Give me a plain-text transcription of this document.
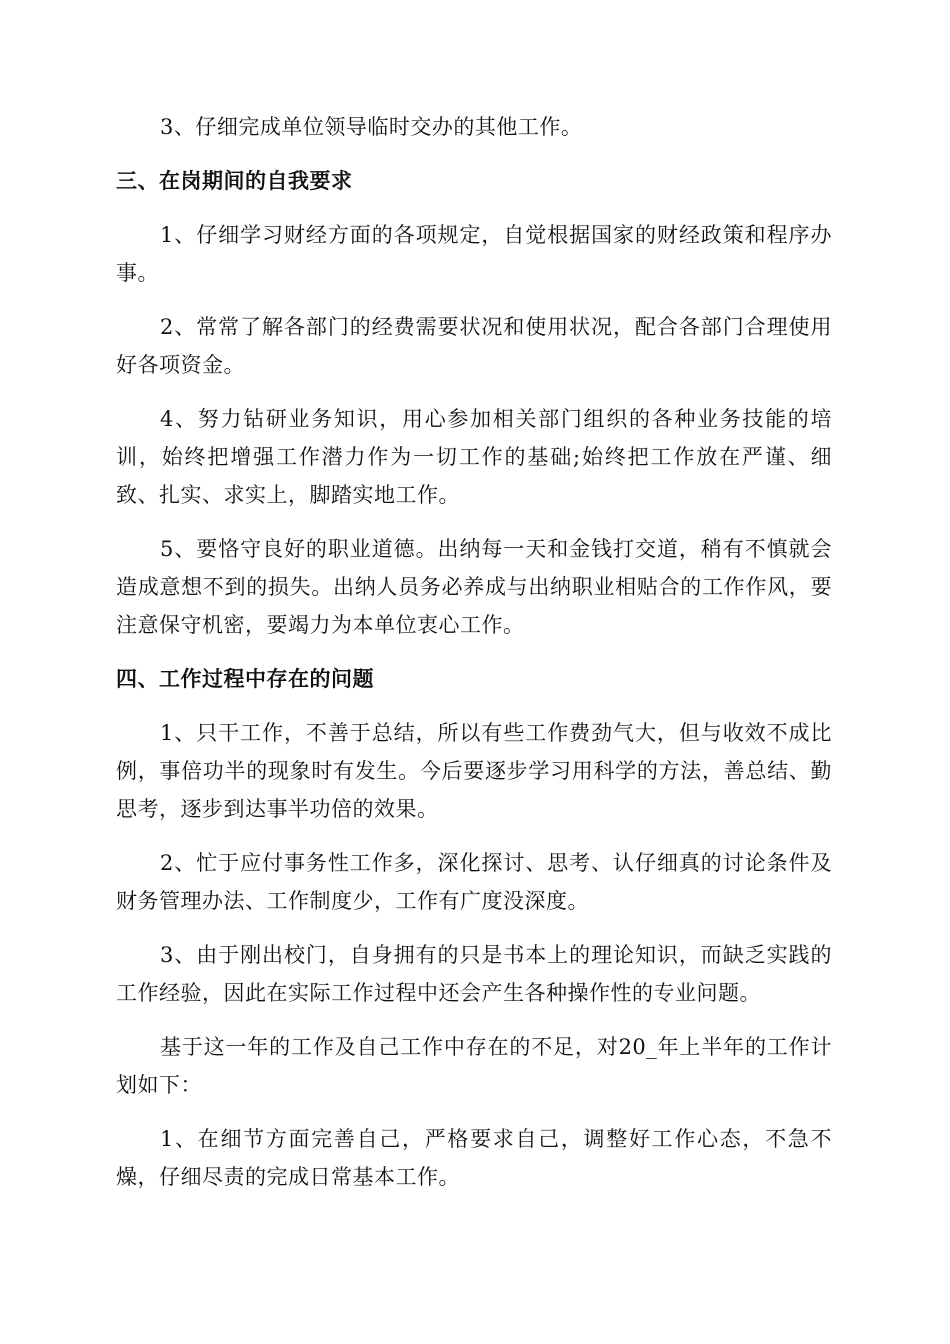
3、仔细完成单位领导临时交办的其他工作。

三、在岗期间的自我要求

1、仔细学习财经方面的各项规定，自觉根据国家的财经政策和程序办事。

2、常常了解各部门的经费需要状况和使用状况，配合各部门合理使用好各项资金。

4、努力钻研业务知识，用心参加相关部门组织的各种业务技能的培训，始终把增强工作潜力作为一切工作的基础;始终把工作放在严谨、细致、扎实、求实上，脚踏实地工作。

5、要恪守良好的职业道德。出纳每一天和金钱打交道，稍有不慎就会造成意想不到的损失。出纳人员务必养成与出纳职业相贴合的工作作风，要注意保守机密，要竭力为本单位衷心工作。

四、工作过程中存在的问题

1、只干工作，不善于总结，所以有些工作费劲气大，但与收效不成比例，事倍功半的现象时有发生。今后要逐步学习用科学的方法，善总结、勤思考，逐步到达事半功倍的效果。

2、忙于应付事务性工作多，深化探讨、思考、认仔细真的讨论条件及财务管理办法、工作制度少，工作有广度没深度。

3、由于刚出校门，自身拥有的只是书本上的理论知识，而缺乏实践的工作经验，因此在实际工作过程中还会产生各种操作性的专业问题。

基于这一年的工作及自己工作中存在的不足，对20_年上半年的工作计划如下：

1、在细节方面完善自己，严格要求自己，调整好工作心态，不急不燥，仔细尽责的完成日常基本工作。
